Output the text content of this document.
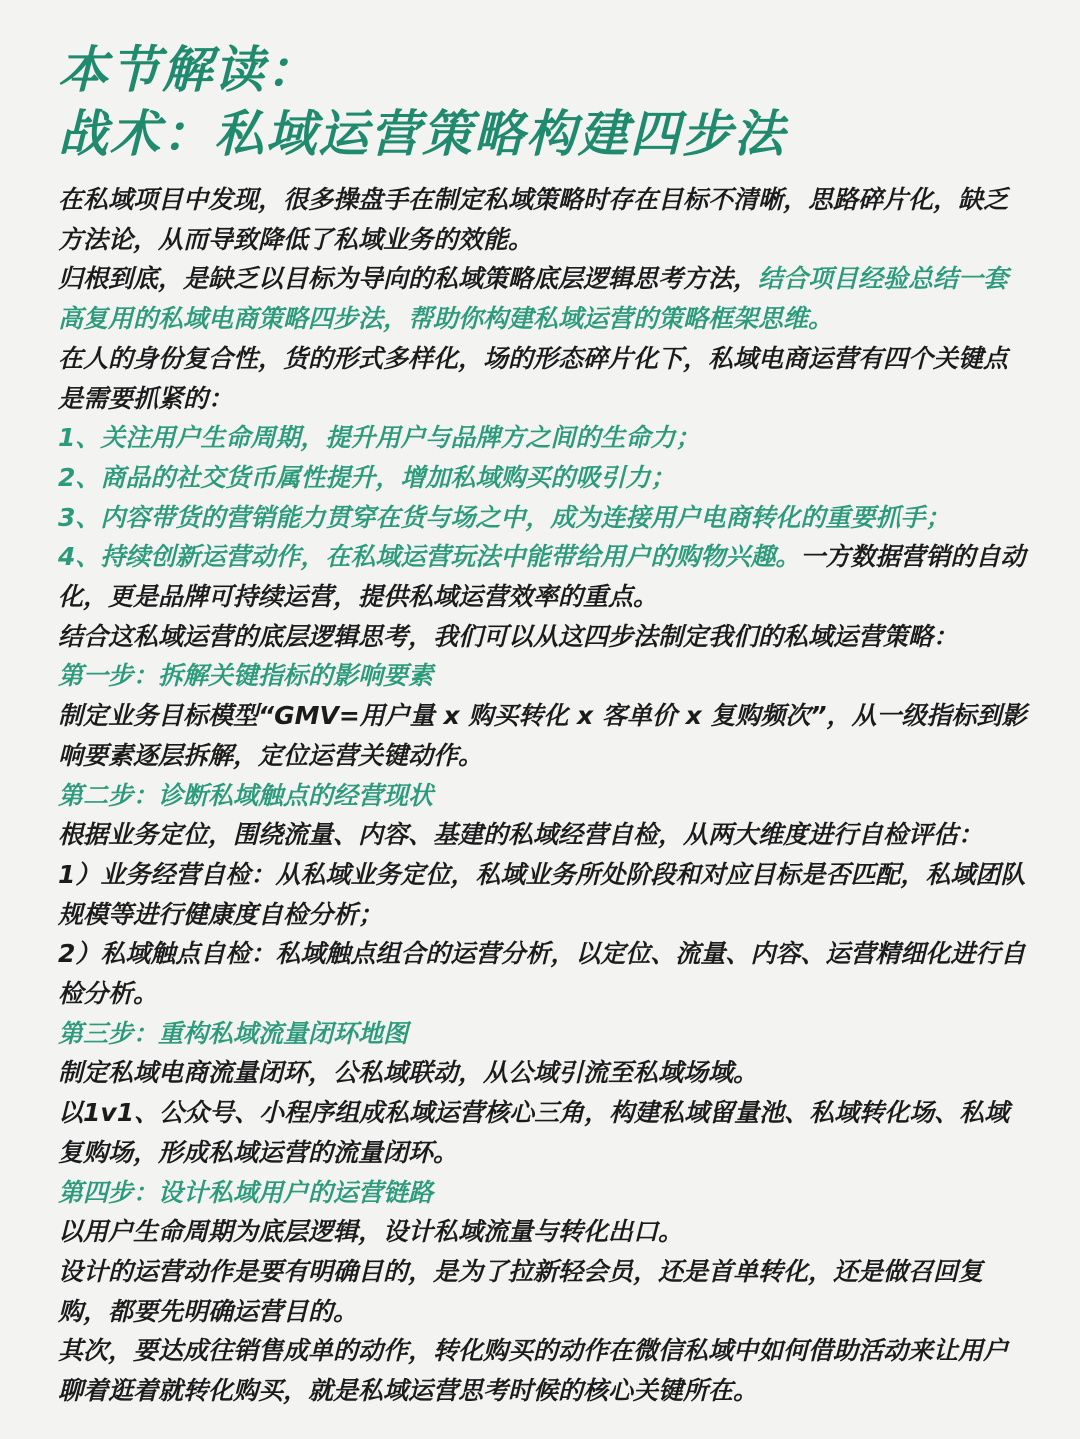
本节解读：
战术：私域运营策略构建四步法

在私域项目中发现，很多操盘手在制定私域策略时存在目标不清晰，思路碎片化，缺乏方法论，从而导致降低了私域业务的效能。

归根到底，是缺乏以目标为导向的私域策略底层逻辑思考方法，结合项目经验总结一套高复用的私域电商策略四步法，帮助你构建私域运营的策略框架思维。

在人的身份复合性，货的形式多样化，场的形态碎片化下，私域电商运营有四个关键点是需要抓紧的：

1、关注用户生命周期，提升用户与品牌方之间的生命力；

2、商品的社交货币属性提升，增加私域购买的吸引力；

3、内容带货的营销能力贯穿在货与场之中，成为连接用户电商转化的重要抓手；

4、持续创新运营动作，在私域运营玩法中能带给用户的购物兴趣。一方数据营销的自动化，更是品牌可持续运营，提供私域运营效率的重点。

结合这私域运营的底层逻辑思考，我们可以从这四步法制定我们的私域运营策略：

第一步：拆解关键指标的影响要素

制定业务目标模型“GMV=用户量 x 购买转化 x 客单价 x 复购频次”，从一级指标到影响要素逐层拆解，定位运营关键动作。

第二步：诊断私域触点的经营现状

根据业务定位，围绕流量、内容、基建的私域经营自检，从两大维度进行自检评估：

1）业务经营自检：从私域业务定位，私域业务所处阶段和对应目标是否匹配，私域团队规模等进行健康度自检分析；

2）私域触点自检：私域触点组合的运营分析，以定位、流量、内容、运营精细化进行自检分析。

第三步：重构私域流量闭环地图

制定私域电商流量闭环，公私域联动，从公域引流至私域场域。

以1v1、公众号、小程序组成私域运营核心三角，构建私域留量池、私域转化场、私域复购场，形成私域运营的流量闭环。

第四步：设计私域用户的运营链路

以用户生命周期为底层逻辑，设计私域流量与转化出口。

设计的运营动作是要有明确目的，是为了拉新轻会员，还是首单转化，还是做召回复购，都要先明确运营目的。

其次，要达成往销售成单的动作，转化购买的动作在微信私域中如何借助活动来让用户聊着逛着就转化购买，就是私域运营思考时候的核心关键所在。
